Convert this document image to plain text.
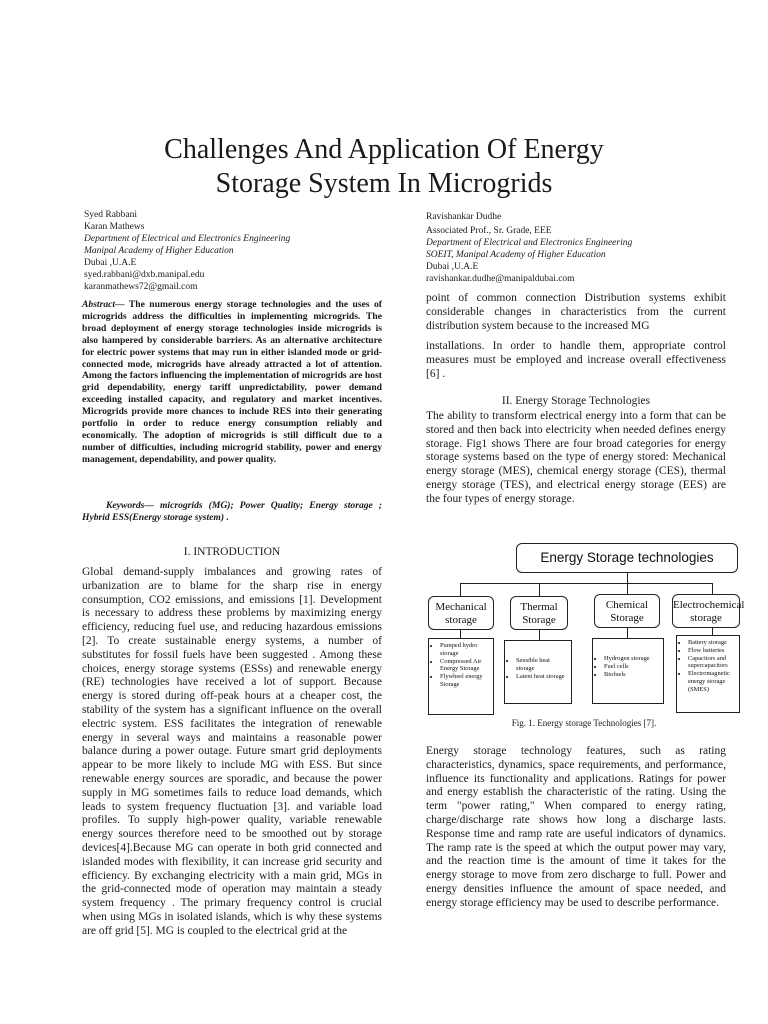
Challenges And Application Of Energy
Storage System In Microgrids
Syed Rabbani
Karan Mathews
Department of Electrical and Electronics Engineering
Manipal Academy of Higher Education
Dubai ,U.A.E
syed.rabbani@dxb.manipal.edu
karanmathews72@gmail.com
Ravishankar Dudhe
Associated Prof., Sr. Grade, EEE
Department of Electrical and Electronics Engineering
SOEIT, Manipal Academy of Higher Education
Dubai ,U.A.E
ravishankar.dudhe@manipaldubai.com
Abstract— The numerous energy storage technologies and the uses of microgrids address the difficulties in implementing microgrids. The broad deployment of energy storage technologies inside microgrids is also hampered by considerable barriers. As an alternative architecture for electric power systems that may run in either islanded mode or grid-connected mode, microgrids have already attracted a lot of attention. Among the factors influencing the implementation of microgrids are host grid dependability, energy tariff unpredictability, power demand exceeding installed capacity, and regulatory and market incentives. Microgrids provide more chances to include RES into their generating portfolio in order to reduce energy consumption reliably and economically. The adoption of microgrids is still difficult due to a number of difficulties, including microgrid stability, power and energy management, dependability, and power quality.
Keywords— microgrids (MG); Power Quality; Energy storage ; Hybrid ESS(Energy storage system) .
I. INTRODUCTION
Global demand-supply imbalances and growing rates of urbanization are to blame for the sharp rise in energy consumption, CO2 emissions, and emissions [1]. Development is necessary to address these problems by maximizing energy efficiency, reducing fuel use, and reducing hazardous emissions [2]. To create sustainable energy systems, a number of substitutes for fossil fuels have been suggested . Among these choices, energy storage systems (ESSs) and renewable energy (RE) technologies have received a lot of support. Because energy is stored during off-peak hours at a cheaper cost, the stability of the system has a significant influence on the overall electric system. ESS facilitates the integration of renewable energy in several ways and maintains a reasonable power balance during a power outage. Future smart grid deployments appear to be more likely to include MG with ESS. But since renewable energy sources are sporadic, and because the power supply in MG sometimes fails to reduce load demands, which leads to system frequency fluctuation [3]. and variable load profiles. To supply high-power quality, variable renewable energy sources therefore need to be smoothed out by storage devices[4].Because MG can operate in both grid connected and islanded modes with flexibility, it can increase grid security and efficiency. By exchanging electricity with a main grid, MGs in the grid-connected mode of operation may maintain a steady system frequency . The primary frequency control is crucial when using MGs in isolated islands, which is why these systems are off grid [5]. MG is coupled to the electrical grid at the
point of common connection Distribution systems exhibit considerable changes in characteristics from the current distribution system because to the increased MG
installations. In order to handle them, appropriate control measures must be employed and increase overall effectiveness [6] .
II. Energy Storage Technologies
The ability to transform electrical energy into a form that can be stored and then back into electricity when needed defines energy storage. Fig1 shows There are four broad categories for energy storage systems based on the type of energy stored: Mechanical energy storage (MES), chemical energy storage (CES), thermal energy storage (TES), and electrical energy storage (EES) are the four types of energy storage.
Energy Storage technologies
Mechanical
storage
Thermal
Storage
Chemical
Storage
Electrochemical
storage
• Pumped hydro storage
• Compressed Air Energy Storage
• Flywheel energy Storage
• Sensible heat storage
• Latent heat storage
• Hydrogen storage
• Fuel cells
• Biofuels
• Battery storage
• Flow batteries
• Capacitors and supercapacitors
• Electromagnetic energy storage (SMES)
Fig. 1. Energy storage Technologies [7].
Energy storage technology features, such as rating characteristics, dynamics, space requirements, and performance, influence its functionality and applications. Ratings for power and energy establish the characteristic of the rating. Using the term "power rating," When compared to energy rating, charge/discharge rate shows how long a discharge lasts. Response time and ramp rate are useful indicators of dynamics. The ramp rate is the speed at which the output power may vary, and the reaction time is the amount of time it takes for the energy storage to move from zero discharge to full. Power and energy densities influence the amount of space needed, and energy storage efficiency may be used to describe performance.
